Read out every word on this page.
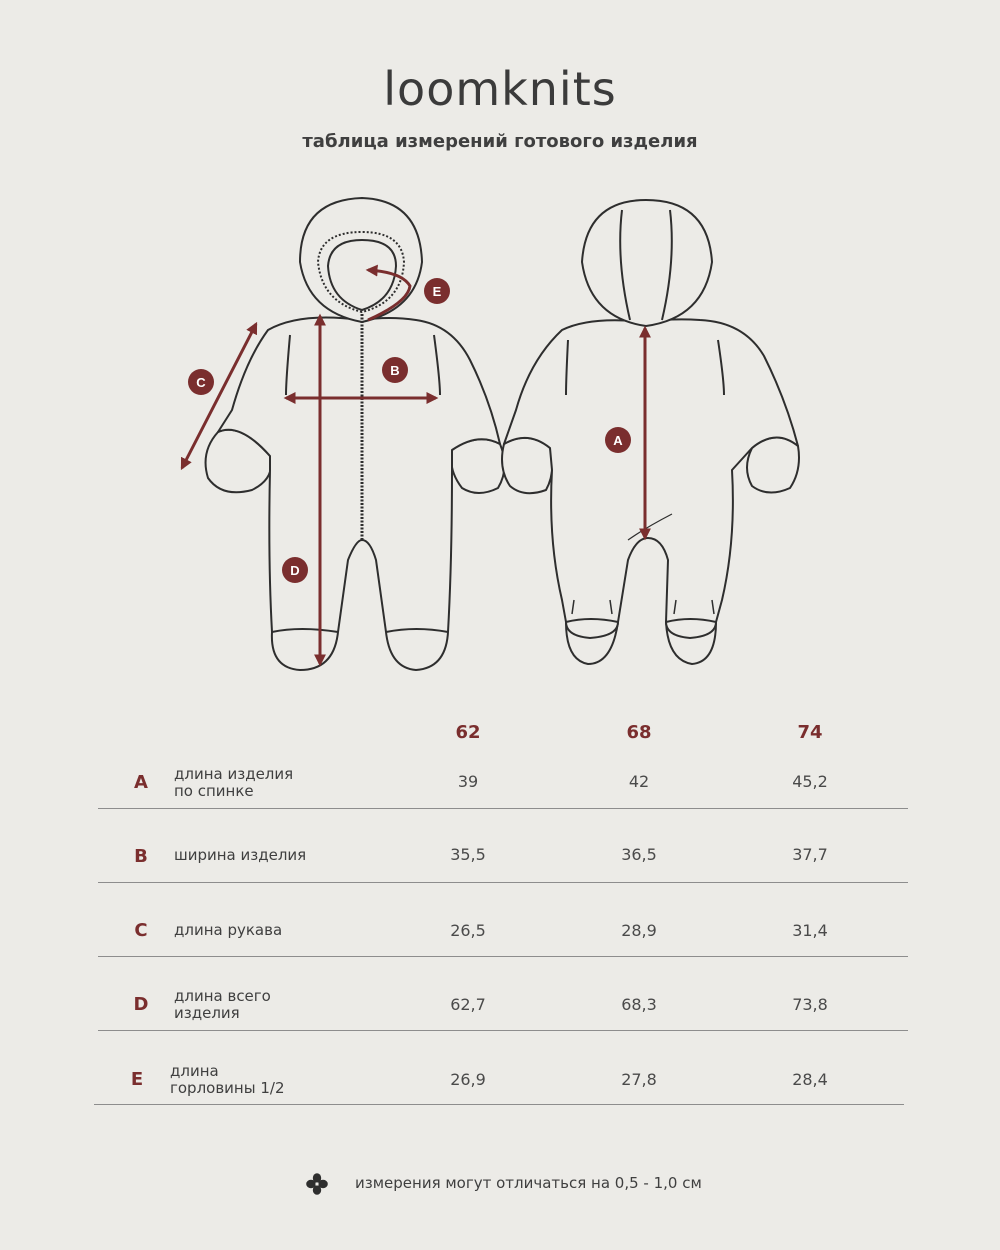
loomknits
таблица измерений готового изделия
C
B
D
E
A
62	68	74
A длина изделия
по спинке	39	42	45,2
B ширина изделия	35,5	36,5	37,7
C длина рукава	26,5	28,9	31,4
D длина всего
изделия	62,7	68,3	73,8
E	длина
горловины 1/2	26,9	27,8	28,4
измерения могут отличаться на 0,5 - 1,0 см
